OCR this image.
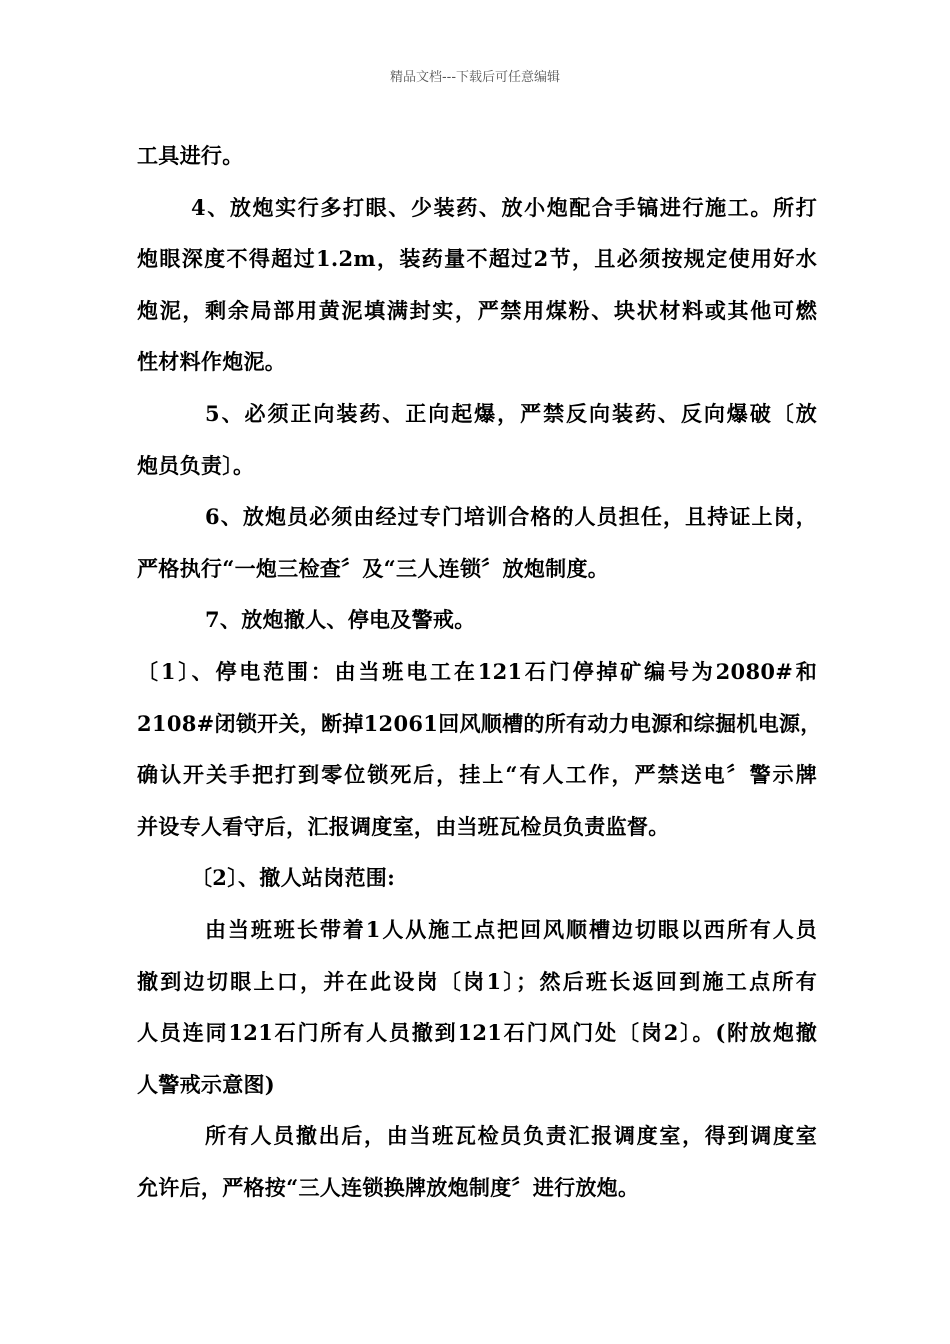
精品文档---下载后可任意编辑
工具进行。
4、放炮实行多打眼、少装药、放小炮配合手镐进行施工。所打
炮眼深度不得超过1.2m，装药量不超过2节，且必须按规定使用好水
炮泥，剩余局部用黄泥填满封实，严禁用煤粉、块状材料或其他可燃
性材料作炮泥。
5、必须正向装药、正向起爆，严禁反向装药、反向爆破〔放
炮员负责〕。
6、放炮员必须由经过专门培训合格的人员担任，且持证上岗，
严格执行“一炮三检查〞及“三人连锁〞放炮制度。
7、放炮撤人、停电及警戒。
〔1〕、停电范围：由当班电工在121石门停掉矿编号为2080#和
2108#闭锁开关，断掉12061回风顺槽的所有动力电源和综掘机电源，
确认开关手把打到零位锁死后，挂上“有人工作，严禁送电〞警示牌
并设专人看守后，汇报调度室，由当班瓦检员负责监督。
〔2〕、撤人站岗范围:
由当班班长带着1人从施工点把回风顺槽边切眼以西所有人员
撤到边切眼上口，并在此设岗〔岗1〕；然后班长返回到施工点所有
人员连同121石门所有人员撤到121石门风门处〔岗2〕。(附放炮撤
人警戒示意图)
所有人员撤出后，由当班瓦检员负责汇报调度室，得到调度室
允许后，严格按“三人连锁换牌放炮制度〞进行放炮。
